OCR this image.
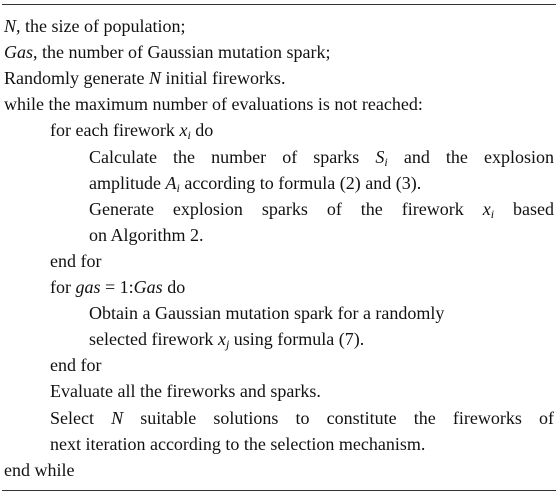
N, the size of population;
Gas, the number of Gaussian mutation spark;
Randomly generate N initial fireworks.
while the maximum number of evaluations is not reached:
for each firework $x_i$ do
Calculate the number of sparks $S_i$ and the explosion
amplitude $A_i$ according to formula (2) and (3).
Generate explosion sparks of the firework $x_i$ based
on Algorithm 2.
end for
for gas = 1:Gas do
Obtain a Gaussian mutation spark for a randomly
selected firework $x_j$ using formula (7).
end for
Evaluate all the fireworks and sparks.
Select N suitable solutions to constitute the fireworks of
next iteration according to the selection mechanism.
end while
